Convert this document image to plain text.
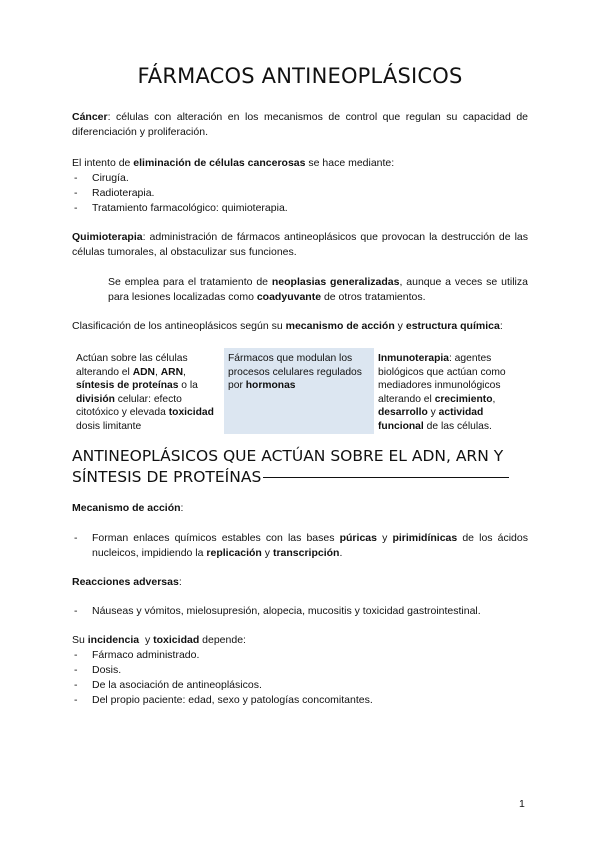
FÁRMACOS ANTINEOPLÁSICOS
Cáncer: células con alteración en los mecanismos de control que regulan su capacidad de diferenciación y proliferación.
El intento de eliminación de células cancerosas se hace mediante:
- Cirugía.
- Radioterapia.
- Tratamiento farmacológico: quimioterapia.
Quimioterapia: administración de fármacos antineoplásicos que provocan la destrucción de las células tumorales, al obstaculizar sus funciones.
Se emplea para el tratamiento de neoplasias generalizadas, aunque a veces se utiliza para lesiones localizadas como coadyuvante de otros tratamientos.
Clasificación de los antineoplásicos según su mecanismo de acción y estructura química:
Actúan sobre las células alterando el ADN, ARN, síntesis de proteínas o la división celular: efecto citotóxico y elevada toxicidad dosis limitante
Fármacos que modulan los procesos celulares regulados por hormonas
Inmunoterapia: agentes biológicos que actúan como mediadores inmunológicos alterando el crecimiento, desarrollo y actividad funcional de las células.
ANTINEOPLÁSICOS QUE ACTÚAN SOBRE EL ADN, ARN Y SÍNTESIS DE PROTEÍNAS
Mecanismo de acción:
- Forman enlaces químicos estables con las bases púricas y pirimidínicas de los ácidos nucleicos, impidiendo la replicación y transcripción.
Reacciones adversas:
- Náuseas y vómitos, mielosupresión, alopecia, mucositis y toxicidad gastrointestinal.
Su incidencia  y toxicidad depende:
- Fármaco administrado.
- Dosis.
- De la asociación de antineoplásicos.
- Del propio paciente: edad, sexo y patologías concomitantes.
1
